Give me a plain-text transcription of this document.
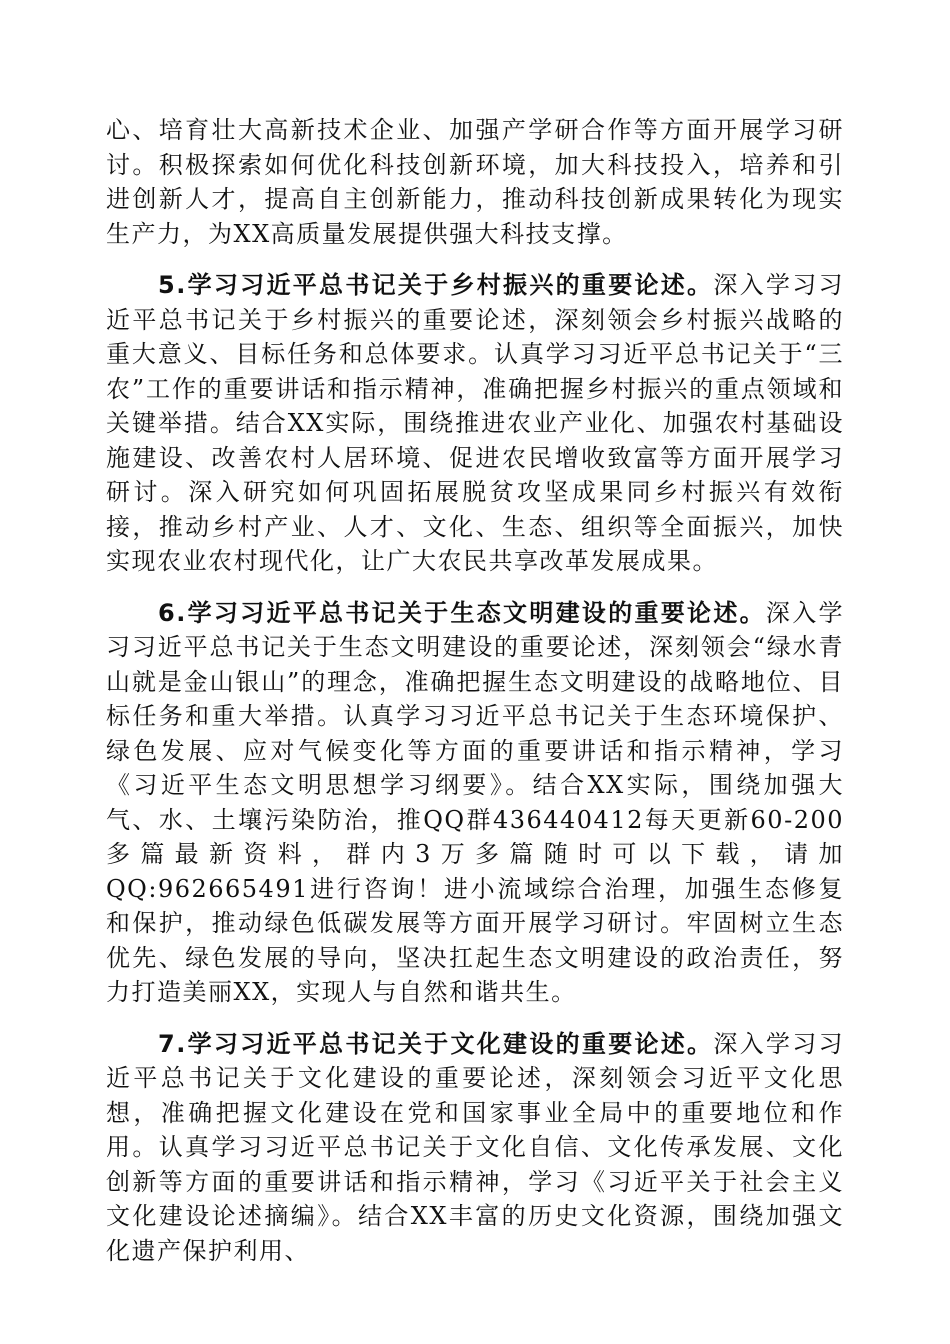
心、培育壮大高新技术企业、加强产学研合作等方面开展学习研讨。积极探索如何优化科技创新环境，加大科技投入，培养和引进创新人才，提高自主创新能力，推动科技创新成果转化为现实生产力，为XX高质量发展提供强大科技支撑。

5.学习习近平总书记关于乡村振兴的重要论述。深入学习习近平总书记关于乡村振兴的重要论述，深刻领会乡村振兴战略的重大意义、目标任务和总体要求。认真学习习近平总书记关于“三农”工作的重要讲话和指示精神，准确把握乡村振兴的重点领域和关键举措。结合XX实际，围绕推进农业产业化、加强农村基础设施建设、改善农村人居环境、促进农民增收致富等方面开展学习研讨。深入研究如何巩固拓展脱贫攻坚成果同乡村振兴有效衔接，推动乡村产业、人才、文化、生态、组织等全面振兴，加快实现农业农村现代化，让广大农民共享改革发展成果。

6.学习习近平总书记关于生态文明建设的重要论述。深入学习习近平总书记关于生态文明建设的重要论述，深刻领会“绿水青山就是金山银山”的理念，准确把握生态文明建设的战略地位、目标任务和重大举措。认真学习习近平总书记关于生态环境保护、绿色发展、应对气候变化等方面的重要讲话和指示精神，学习《习近平生态文明思想学习纲要》。结合XX实际，围绕加强大气、水、土壤污染防治，推QQ群436440412每天更新60-200多篇最新资料，群内3万多篇随时可以下载，请加QQ:962665491进行咨询！进小流域综合治理，加强生态修复和保护，推动绿色低碳发展等方面开展学习研讨。牢固树立生态优先、绿色发展的导向，坚决扛起生态文明建设的政治责任，努力打造美丽XX，实现人与自然和谐共生。

7.学习习近平总书记关于文化建设的重要论述。深入学习习近平总书记关于文化建设的重要论述，深刻领会习近平文化思想，准确把握文化建设在党和国家事业全局中的重要地位和作用。认真学习习近平总书记关于文化自信、文化传承发展、文化创新等方面的重要讲话和指示精神，学习《习近平关于社会主义文化建设论述摘编》。结合XX丰富的历史文化资源，围绕加强文化遗产保护利用、
